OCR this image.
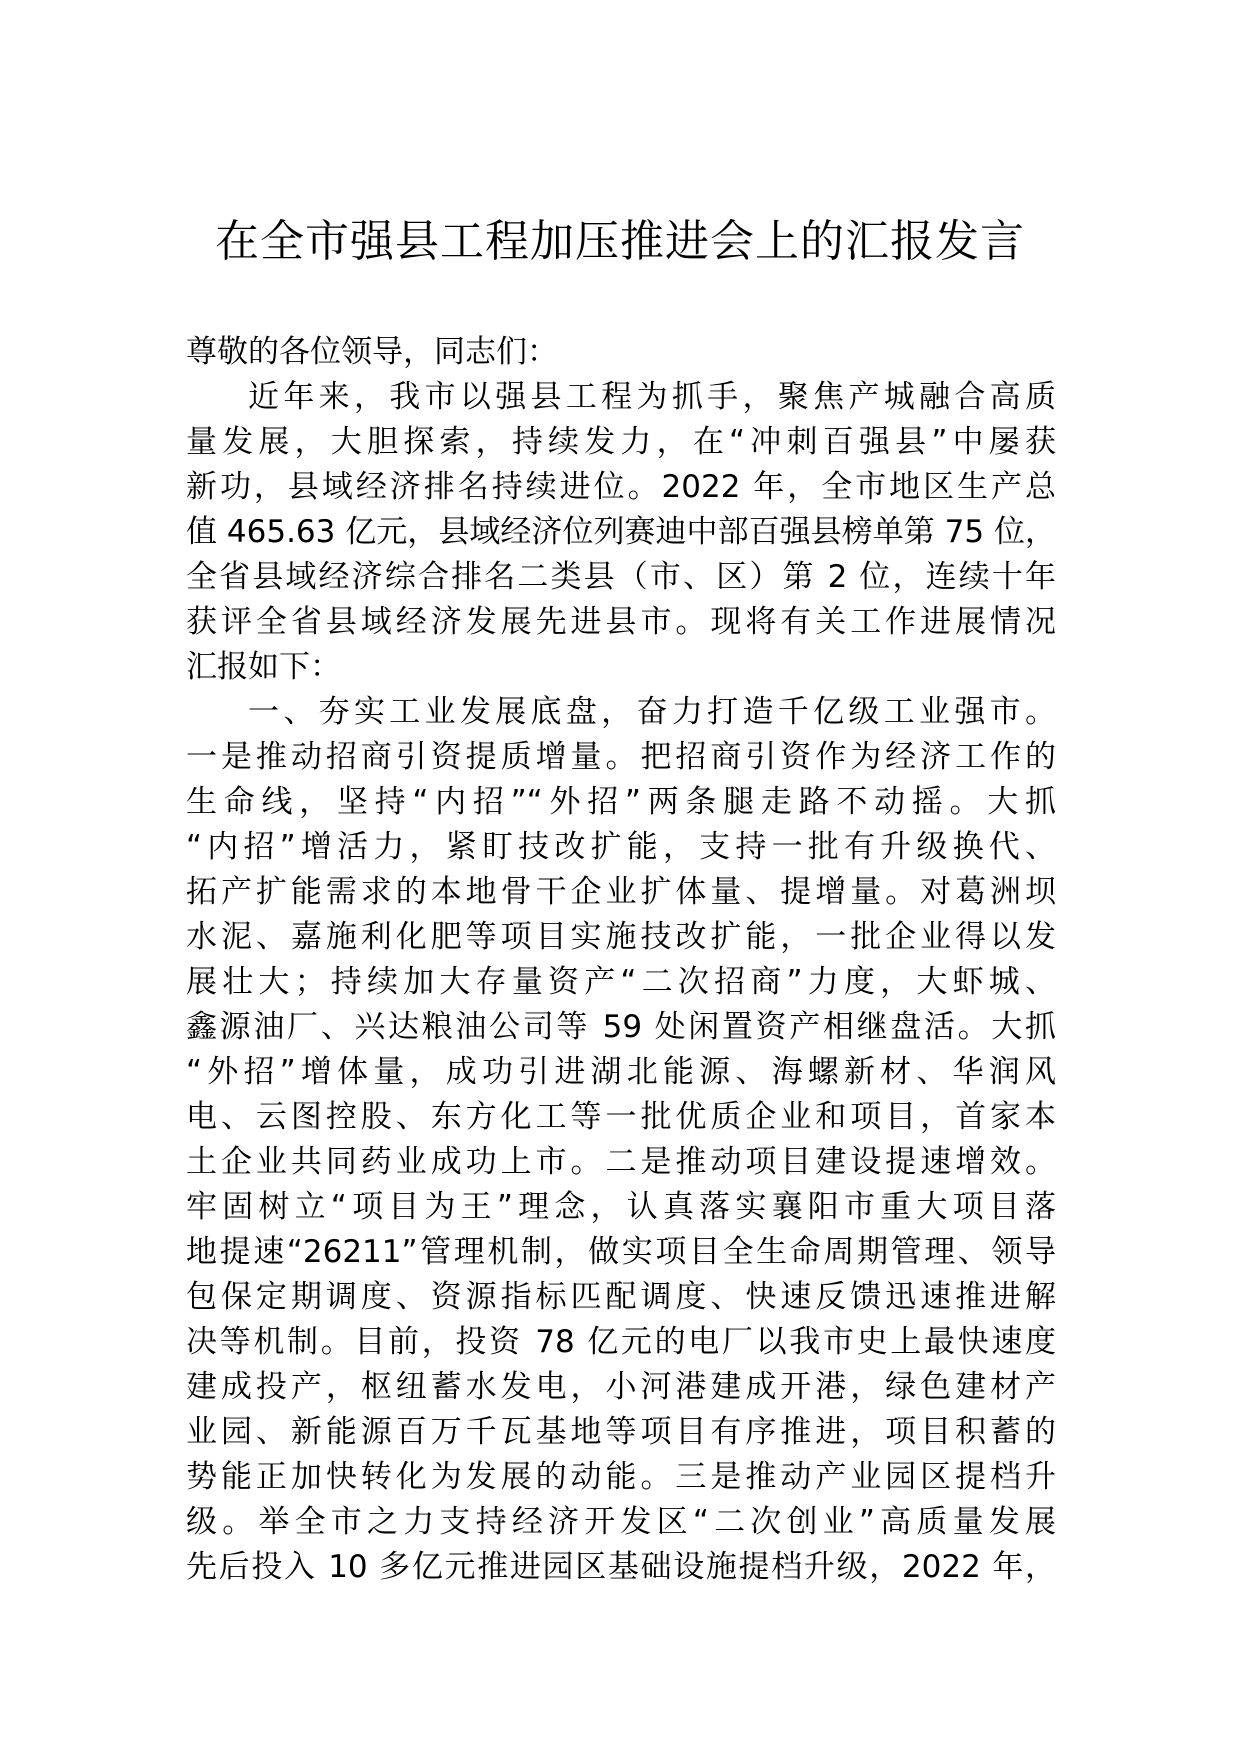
在全市强县工程加压推进会上的汇报发言
尊敬的各位领导，同志们：
近年来，我市以强县工程为抓手，聚焦产城融合高质
量发展，大胆探索，持续发力，在“冲刺百强县”中屡获
新功，县域经济排名持续进位。2022 年，全市地区生产总
值 465.63 亿元，县域经济位列赛迪中部百强县榜单第 75 位，
全省县域经济综合排名二类县（市、区）第 2 位，连续十年
获评全省县域经济发展先进县市。现将有关工作进展情况
汇报如下：
一、夯实工业发展底盘，奋力打造千亿级工业强市。
一是推动招商引资提质增量。把招商引资作为经济工作的
生命线，坚持“内招”“外招”两条腿走路不动摇。大抓
“内招”增活力，紧盯技改扩能，支持一批有升级换代、
拓产扩能需求的本地骨干企业扩体量、提增量。对葛洲坝
水泥、嘉施利化肥等项目实施技改扩能，一批企业得以发
展壮大；持续加大存量资产“二次招商”力度，大虾城、
鑫源油厂、兴达粮油公司等 59 处闲置资产相继盘活。大抓
“外招”增体量，成功引进湖北能源、海螺新材、华润风
电、云图控股、东方化工等一批优质企业和项目，首家本
土企业共同药业成功上市。二是推动项目建设提速增效。
牢固树立“项目为王”理念，认真落实襄阳市重大项目落
地提速“26211”管理机制，做实项目全生命周期管理、领导
包保定期调度、资源指标匹配调度、快速反馈迅速推进解
决等机制。目前，投资 78 亿元的电厂以我市史上最快速度
建成投产，枢纽蓄水发电，小河港建成开港，绿色建材产
业园、新能源百万千瓦基地等项目有序推进，项目积蓄的
势能正加快转化为发展的动能。三是推动产业园区提档升
级。举全市之力支持经济开发区“二次创业”高质量发展
先后投入 10 多亿元推进园区基础设施提档升级，2022 年，
